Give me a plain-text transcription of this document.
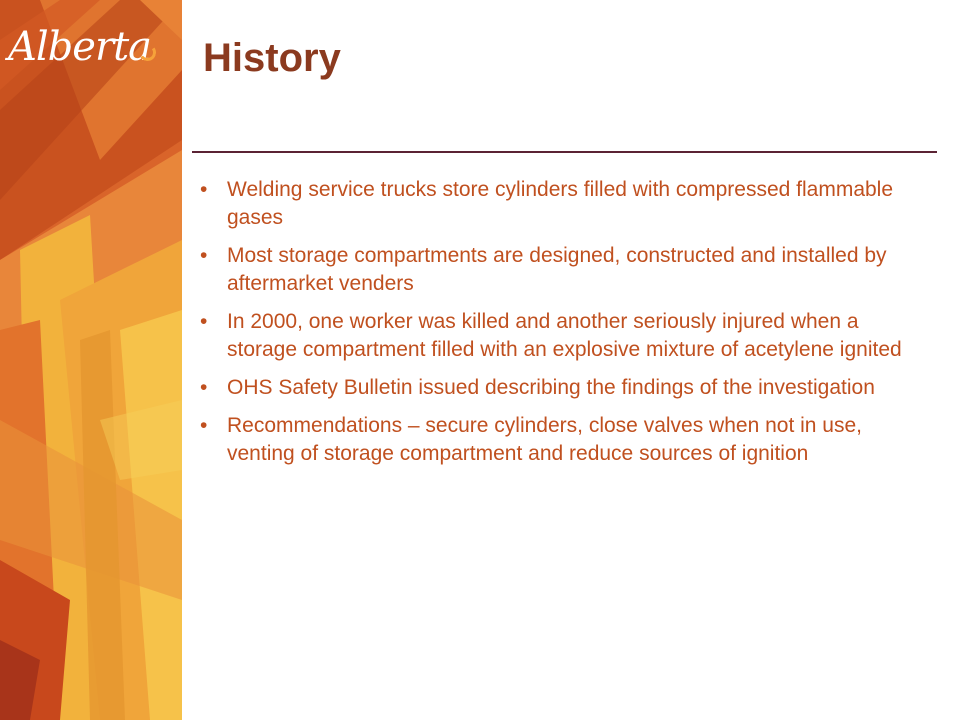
Alberta History
• Welding service trucks store cylinders filled with compressed flammable gases
• Most storage compartments are designed, constructed and installed by aftermarket venders
• In 2000, one worker was killed and another seriously injured when a storage compartment filled with an explosive mixture of acetylene ignited
• OHS Safety Bulletin issued describing the findings of the investigation
• Recommendations – secure cylinders, close valves when not in use, venting of storage compartment and reduce sources of ignition
